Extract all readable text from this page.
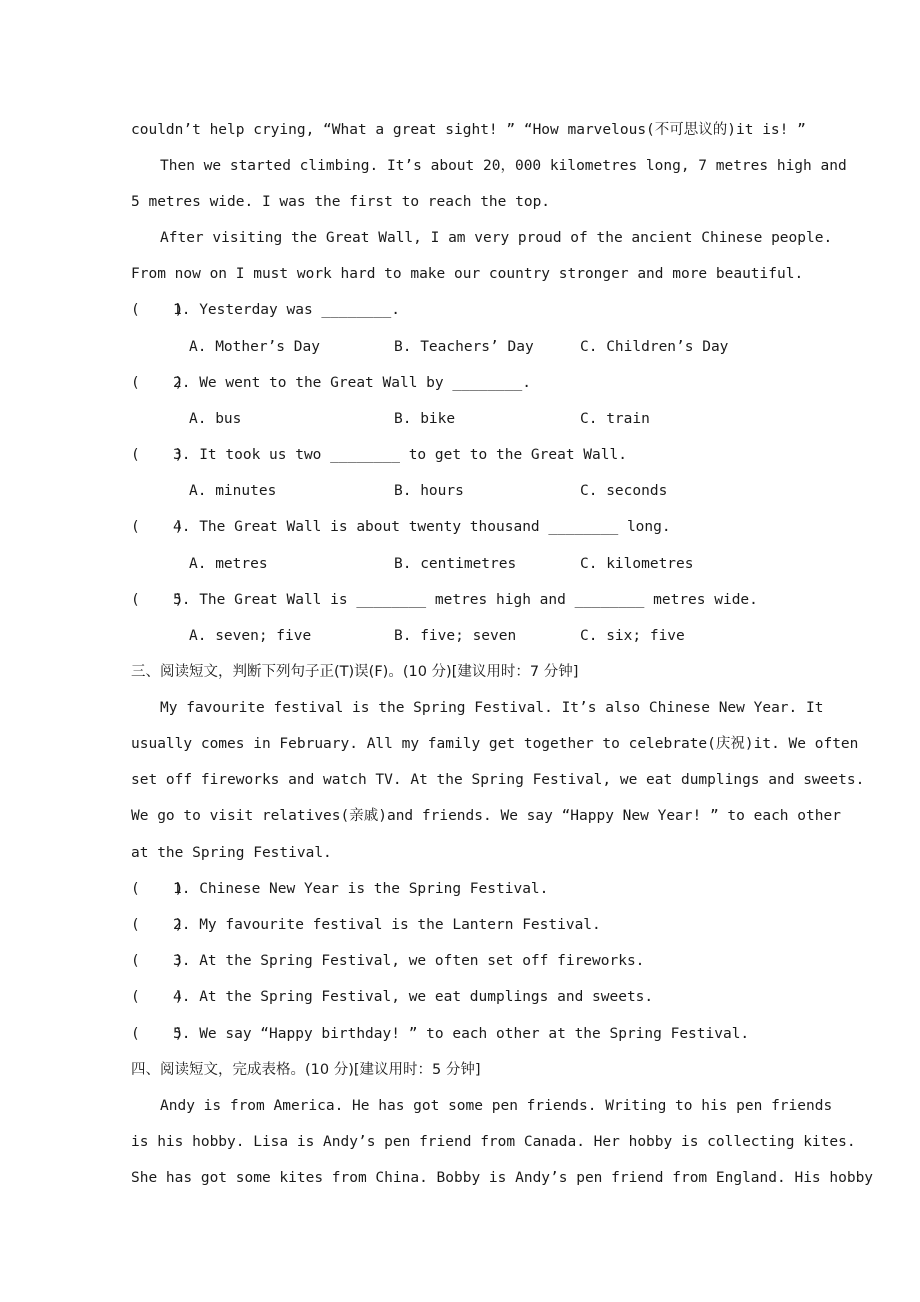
couldn’t help crying, “What a great sight! ” “How marvelous(不可思议的)it is! ”
Then we started climbing. It’s about 20，000 kilometres long, 7 metres high and
5 metres wide. I was the first to reach the top.
After visiting the Great Wall, I am very proud of the ancient Chinese people.
From now on I must work hard to make our country stronger and more beautiful.
(    )1. Yesterday was ________.

A. Mother’s Day

	B. Teachers’ Day

	C. Children’s Day

(    )2. We went to the Great Wall by ________.

A. bus

	B. bike

	C. train

(    )3. It took us two ________ to get to the Great Wall.

A. minutes

	B. hours

	C. seconds

(    )4. The Great Wall is about twenty thousand ________ long.

A. metres

	B. centimetres

	C. kilometres

(    )5. The Great Wall is ________ metres high and ________ metres wide.

A. seven; five

	B. five; seven

	C. six; five

三、阅读短文，判断下列句子正(T)误(F)。(10 分)[建议用时：7 分钟]
My favourite festival is the Spring Festival. It’s also Chinese New Year. It
usually comes in February. All my family get together to celebrate(庆祝)it. We often
set off fireworks and watch TV. At the Spring Festival, we eat dumplings and sweets.
We go to visit relatives(亲戚)and friends. We say “Happy New Year! ” to each other
at the Spring Festival.
(    )1. Chinese New Year is the Spring Festival.
(    )2. My favourite festival is the Lantern Festival.
(    )3. At the Spring Festival, we often set off fireworks.
(    )4. At the Spring Festival, we eat dumplings and sweets.
(    )5. We say “Happy birthday! ” to each other at the Spring Festival.
四、阅读短文，完成表格。(10 分)[建议用时：5 分钟]
Andy is from America. He has got some pen friends. Writing to his pen friends
is his hobby. Lisa is Andy’s pen friend from Canada. Her hobby is collecting kites.
She has got some kites from China. Bobby is Andy’s pen friend from England. His hobby
